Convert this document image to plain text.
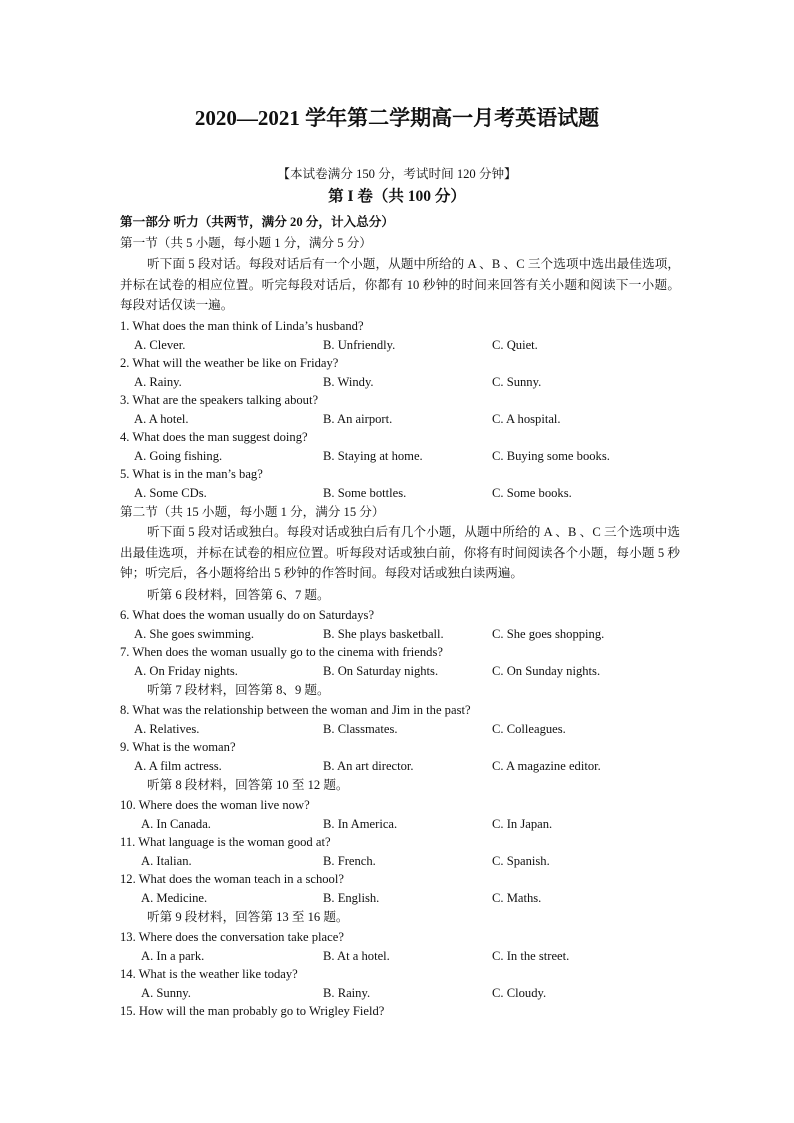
2020—2021 学年第二学期高一月考英语试题
【本试卷满分 150 分，考试时间 120 分钟】
第 I 卷（共 100 分）
第一部分 听力（共两节，满分 20 分，计入总分）
第一节（共 5 小题，每小题 1 分，满分 5 分）
听下面 5 段对话。每段对话后有一个小题，从题中所给的 A 、B 、C 三个选项中选出最佳选项，并标在试卷的相应位置。听完每段对话后，你都有 10 秒钟的时间来回答有关小题和阅读下一小题。每段对话仅读一遍。
1. What does the man think of Linda’s husband?
A. Clever.	B. Unfriendly.	C. Quiet.
2. What will the weather be like on Friday?
A. Rainy.	B. Windy.	C. Sunny.
3. What are the speakers talking about?
A. A hotel.	B. An airport.	C. A hospital.
4. What does the man suggest doing?
A. Going fishing.	B. Staying at home.	C. Buying some books.
5. What is in the man’s bag?
A. Some CDs.	B. Some bottles.	C. Some books.
第二节（共 15 小题，每小题 1 分，满分 15 分）
听下面 5 段对话或独白。每段对话或独白后有几个小题，从题中所给的 A 、B 、C 三个选项中选出最佳选项，并标在试卷的相应位置。听每段对话或独白前，你将有时间阅读各个小题，每小题 5 秒钟；听完后，各小题将给出 5 秒钟的作答时间。每段对话或独白读两遍。
听第 6 段材料，回答第 6、7 题。
6. What does the woman usually do on Saturdays?
A. She goes swimming.	B. She plays basketball.	C. She goes shopping.
7. When does the woman usually go to the cinema with friends?
A. On Friday nights.	B. On Saturday nights.	C. On Sunday nights.
听第 7 段材料，回答第 8、9 题。
8. What was the relationship between the woman and Jim in the past?
A. Relatives.	B. Classmates.	C. Colleagues.
9. What is the woman?
A. A film actress.	B. An art director.	C. A magazine editor.
听第 8 段材料，回答第 10 至 12 题。
10. Where does the woman live now?
A. In Canada.	B. In America.	C. In Japan.
11. What language is the woman good at?
A. Italian.	B. French.	C. Spanish.
12. What does the woman teach in a school?
A. Medicine.	B. English.	C. Maths.
听第 9 段材料，回答第 13 至 16 题。
13. Where does the conversation take place?
A. In a park.	B. At a hotel.	C. In the street.
14. What is the weather like today?
A. Sunny.	B. Rainy.	C. Cloudy.
15. How will the man probably go to Wrigley Field?
